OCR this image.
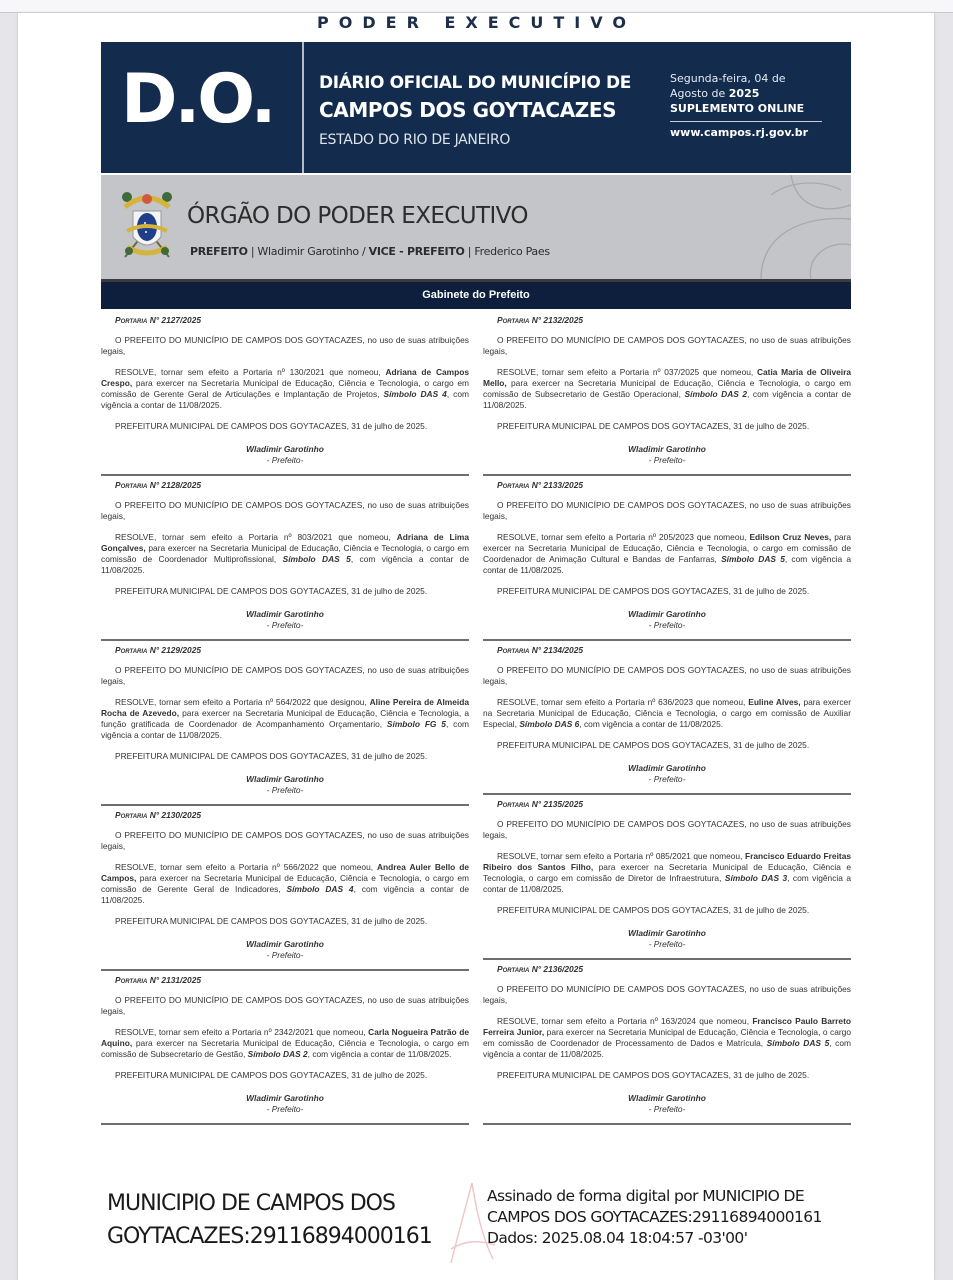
PODER EXECUTIVO
D.O.	DIÁRIO OFICIAL DO MUNICÍPIO DE
CAMPOS DOS GOYTACAZES
ESTADO DO RIO DE JANEIRO
Segunda-feira, 04 de
Agosto de 2025
SUPLEMENTO ONLINE
www.campos.rj.gov.br
ÓRGÃO DO PODER EXECUTIVO
PREFEITO | Wladimir Garotinho / VICE - PREFEITO | Frederico Paes
Gabinete do Prefeito

Portaria N° 2127/2025

O PREFEITO DO MUNICÍPIO DE CAMPOS DOS GOYTACAZES, no uso de suas atribuições legais,

RESOLVE, tornar sem efeito a Portaria nº 130/2021 que nomeou, Adriana de Campos Crespo, para exercer na Secretaria Municipal de Educação, Ciência e Tecnologia, o cargo em comissão de Gerente Geral de Articulações e Implantação de Projetos, Símbolo DAS 4, com vigência a contar de 11/08/2025.

PREFEITURA MUNICIPAL DE CAMPOS DOS GOYTACAZES, 31 de julho de 2025.

Wladimir Garotinho
- Prefeito-

Portaria N° 2128/2025

O PREFEITO DO MUNICÍPIO DE CAMPOS DOS GOYTACAZES, no uso de suas atribuições legais,

RESOLVE, tornar sem efeito a Portaria nº 803/2021 que nomeou, Adriana de Lima Gonçalves, para exercer na Secretaria Municipal de Educação, Ciência e Tecnologia, o cargo em comissão de Coordenador Multiprofissional, Símbolo DAS 5, com vigência a contar de 11/08/2025.

PREFEITURA MUNICIPAL DE CAMPOS DOS GOYTACAZES, 31 de julho de 2025.

Wladimir Garotinho
- Prefeito-

Portaria N° 2129/2025

O PREFEITO DO MUNICÍPIO DE CAMPOS DOS GOYTACAZES, no uso de suas atribuições legais,

RESOLVE, tornar sem efeito a Portaria nº 564/2022 que designou, Aline Pereira de Almeida Rocha de Azevedo, para exercer na Secretaria Municipal de Educação, Ciência e Tecnologia, a função gratificada de Coordenador de Acompanhamento Orçamentario, Símbolo FG 5, com vigência a contar de 11/08/2025.

PREFEITURA MUNICIPAL DE CAMPOS DOS GOYTACAZES, 31 de julho de 2025.

Wladimir Garotinho
- Prefeito-

Portaria N° 2130/2025

O PREFEITO DO MUNICÍPIO DE CAMPOS DOS GOYTACAZES, no uso de suas atribuições legais,

RESOLVE, tornar sem efeito a Portaria nº 566/2022 que nomeou, Andrea Auler Bello de Campos, para exercer na Secretaria Municipal de Educação, Ciência e Tecnologia, o cargo em comissão de Gerente Geral de Indicadores, Símbolo DAS 4, com vigência a contar de 11/08/2025.

PREFEITURA MUNICIPAL DE CAMPOS DOS GOYTACAZES, 31 de julho de 2025.

Wladimir Garotinho
- Prefeito-

Portaria N° 2131/2025

O PREFEITO DO MUNICÍPIO DE CAMPOS DOS GOYTACAZES, no uso de suas atribuições legais,

RESOLVE, tornar sem efeito a Portaria nº 2342/2021 que nomeou, Carla Nogueira Patrão de Aquino, para exercer na Secretaria Municipal de Educação, Ciência e Tecnologia, o cargo em comissão de Subsecretario de Gestão, Símbolo DAS 2, com vigência a contar de 11/08/2025.

PREFEITURA MUNICIPAL DE CAMPOS DOS GOYTACAZES, 31 de julho de 2025.

Wladimir Garotinho
- Prefeito-

Portaria N° 2132/2025

O PREFEITO DO MUNICÍPIO DE CAMPOS DOS GOYTACAZES, no uso de suas atribuições legais,

RESOLVE, tornar sem efeito a Portaria nº 037/2025 que nomeou, Catia Maria de Oliveira Mello, para exercer na Secretaria Municipal de Educação, Ciência e Tecnologia, o cargo em comissão de Subsecretario de Gestão Operacional, Símbolo DAS 2, com vigência a contar de 11/08/2025.

PREFEITURA MUNICIPAL DE CAMPOS DOS GOYTACAZES, 31 de julho de 2025.

Wladimir Garotinho
- Prefeito-

Portaria N° 2133/2025

O PREFEITO DO MUNICÍPIO DE CAMPOS DOS GOYTACAZES, no uso de suas atribuições legais,

RESOLVE, tornar sem efeito a Portaria nº 205/2023 que nomeou, Edilson Cruz Neves, para exercer na Secretaria Municipal de Educação, Ciência e Tecnologia, o cargo em comissão de Coordenador de Animação Cultural e Bandas de Fanfarras, Símbolo DAS 5, com vigência a contar de 11/08/2025.

PREFEITURA MUNICIPAL DE CAMPOS DOS GOYTACAZES, 31 de julho de 2025.

Wladimir Garotinho
- Prefeito-

Portaria N° 2134/2025

O PREFEITO DO MUNICÍPIO DE CAMPOS DOS GOYTACAZES, no uso de suas atribuições legais,

RESOLVE, tornar sem efeito a Portaria nº 636/2023 que nomeou, Euline Alves, para exercer na Secretaria Municipal de Educação, Ciência e Tecnologia, o cargo em comissão de Auxiliar Especial, Símbolo DAS 6, com vigência a contar de 11/08/2025.

PREFEITURA MUNICIPAL DE CAMPOS DOS GOYTACAZES, 31 de julho de 2025.

Wladimir Garotinho
- Prefeito-

Portaria N° 2135/2025

O PREFEITO DO MUNICÍPIO DE CAMPOS DOS GOYTACAZES, no uso de suas atribuições legais,

RESOLVE, tornar sem efeito a Portaria nº 085/2021 que nomeou, Francisco Eduardo Freitas Ribeiro dos Santos Filho, para exercer na Secretaria Municipal de Educação, Ciência e Tecnologia, o cargo em comissão de Diretor de Infraestrutura, Símbolo DAS 3, com vigência a contar de 11/08/2025.

PREFEITURA MUNICIPAL DE CAMPOS DOS GOYTACAZES, 31 de julho de 2025.

Wladimir Garotinho
- Prefeito-

Portaria N° 2136/2025

O PREFEITO DO MUNICÍPIO DE CAMPOS DOS GOYTACAZES, no uso de suas atribuições legais,

RESOLVE, tornar sem efeito a Portaria nº 163/2024 que nomeou, Francisco Paulo Barreto Ferreira Junior, para exercer na Secretaria Municipal de Educação, Ciência e Tecnologia, o cargo em comissão de Coordenador de Processamento de Dados e Matrícula, Símbolo DAS 5, com vigência a contar de 11/08/2025.

PREFEITURA MUNICIPAL DE CAMPOS DOS GOYTACAZES, 31 de julho de 2025.

Wladimir Garotinho
- Prefeito-
MUNICIPIO DE CAMPOS DOS
GOYTACAZES:29116894000161
Assinado de forma digital por MUNICIPIO DE
CAMPOS DOS GOYTACAZES:29116894000161
Dados: 2025.08.04 18:04:57 -03'00'
